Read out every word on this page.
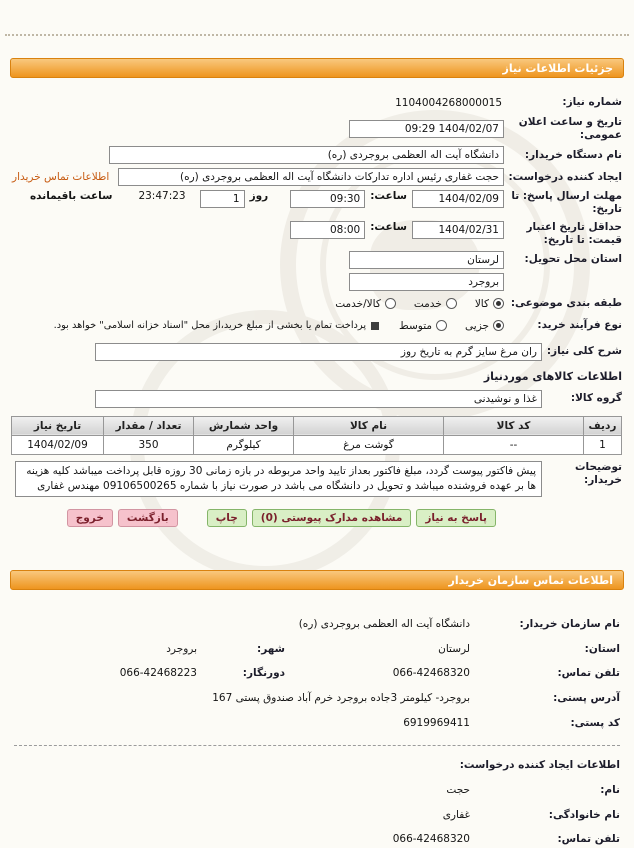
جزئیات اطلاعات نیاز
شماره نیاز:
1104004268000015
تاریخ و ساعت اعلان عمومی:
1404/02/07 09:29
نام دستگاه خریدار:
دانشگاه آیت اله العظمی بروجردی (ره)
ایجاد کننده درخواست:
حجت غفاری رئیس اداره تدارکات دانشگاه آیت اله العظمی بروجردی (ره)
اطلاعات تماس خریدار
مهلت ارسال پاسخ: تا تاریخ:
1404/02/09
ساعت:
09:30
روز
1
23:47:23
ساعت باقیمانده
حداقل تاریخ اعتبار قیمت: تا تاریخ:
1404/02/31
ساعت:
08:00
استان محل تحویل:
لرستان
بروجرد
طبقه بندی موضوعی:
کالا
خدمت
کالا/خدمت
نوع فرآیند خرید:
جزیی
متوسط
پرداخت تمام یا بخشی از مبلغ خرید،از محل "اسناد خزانه اسلامی" خواهد بود.
شرح کلی نیاز:
ران مرغ سایز گرم به تاریخ روز
اطلاعات کالاهای موردنیاز
گروه کالا:
غذا و نوشیدنی
ردیف	کد کالا	نام کالا	واحد شمارش	تعداد / مقدار	تاریخ نیاز
1	--	گوشت مرغ	کیلوگرم	350	1404/02/09
توضیحات خریدار:
پیش فاکتور پیوست گردد، مبلغ فاکتور بعداز تایید واحد مربوطه در بازه زمانی 30 روزه قابل پرداخت میباشد کلیه هزینه ها بر عهده فروشنده میباشد و تحویل در دانشگاه می باشد در صورت نیاز با شماره 09106500265 مهندس غفاری
پاسخ به نیاز
مشاهده مدارک پیوستی (0)
چاپ
بازگشت
خروج
اطلاعات تماس سازمان خریدار
نام سازمان خریدار:
دانشگاه آیت اله العظمی بروجردی (ره)
استان:
لرستان
شهر:
بروجرد
تلفن تماس:
066-42468320
دورنگار:
066-42468223
آدرس پستی:
بروجرد- کیلومتر 3جاده بروجرد خرم آباد صندوق پستی 167
کد پستی:
6919969411
اطلاعات ایجاد کننده درخواست:
نام:
حجت
نام خانوادگی:
غفاری
تلفن تماس:
066-42468320
